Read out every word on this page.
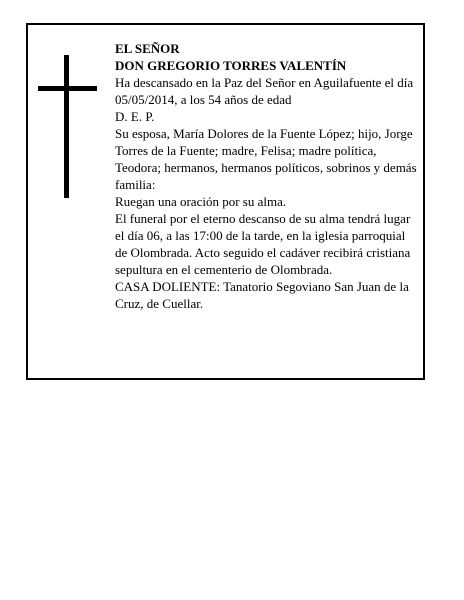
EL SEÑOR
DON GREGORIO TORRES VALENTÍN
Ha descansado en la Paz del Señor en Aguilafuente el día 05/05/2014, a los 54 años de edad
D. E. P.
Su esposa, María Dolores de la Fuente López; hijo, Jorge Torres de la Fuente; madre, Felisa; madre política, Teodora; hermanos, hermanos políticos, sobrinos y demás familia:
Ruegan una oración por su alma.
El funeral por el eterno descanso de su alma tendrá lugar el día 06, a las 17:00 de la tarde, en la iglesia parroquial de Olombrada. Acto seguido el cadáver recibirá cristiana sepultura en el cementerio de Olombrada.
CASA DOLIENTE: Tanatorio Segoviano San Juan de la Cruz, de Cuellar.
